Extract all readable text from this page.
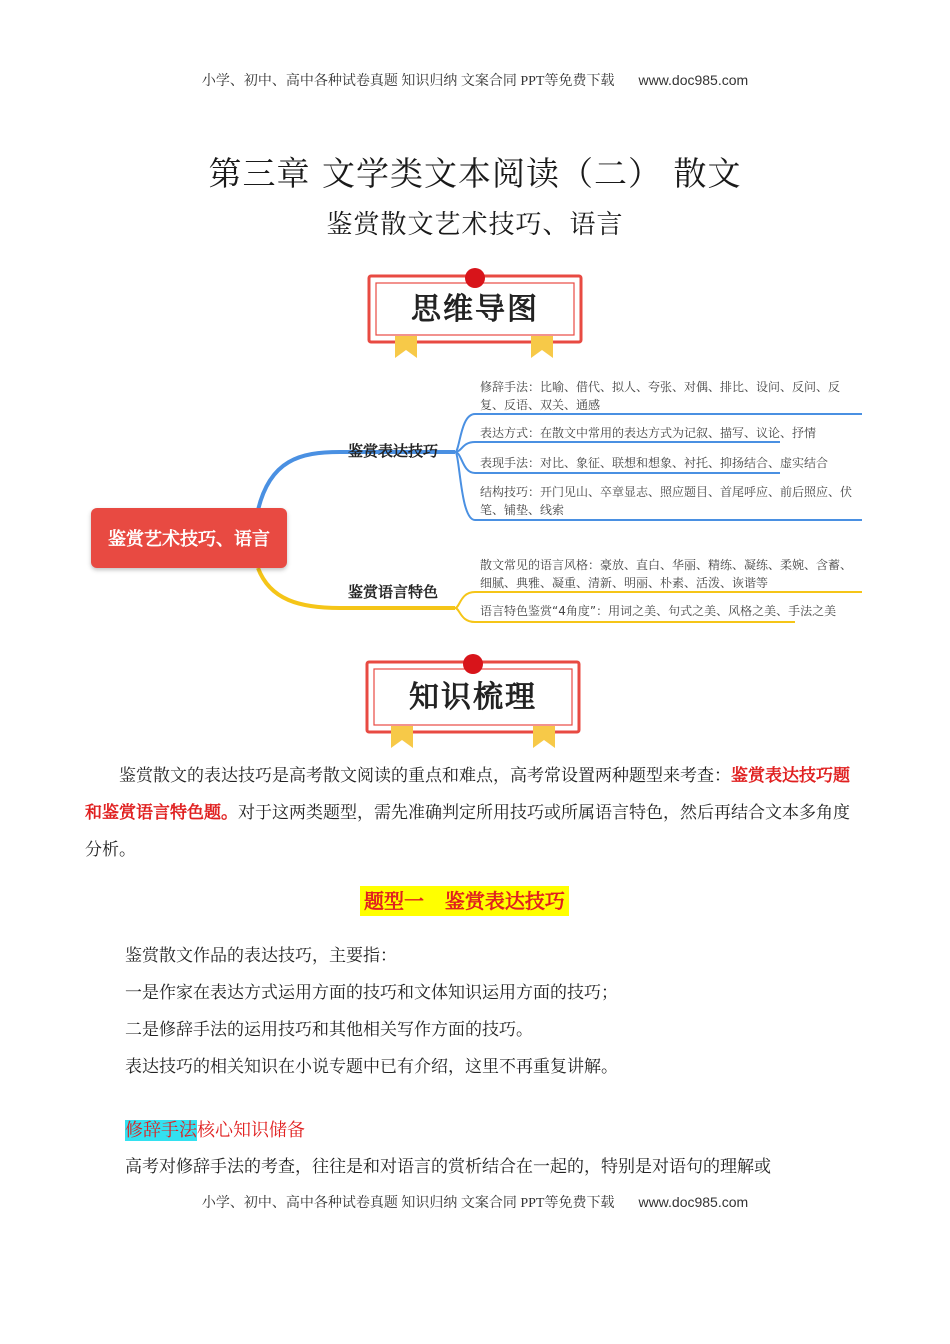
小学、初中、高中各种试卷真题 知识归纳 文案合同 PPT等免费下载 www.doc985.com
第三章 文学类文本阅读（二） 散文
鉴赏散文艺术技巧、语言
思维导图
鉴赏艺术技巧、语言
鉴赏表达技巧
鉴赏语言特色
修辞手法：比喻、借代、拟人、夸张、对偶、排比、设问、反问、反复、反语、双关、通感
表达方式：在散文中常用的表达方式为记叙、描写、议论、抒情
表现手法：对比、象征、联想和想象、衬托、抑扬结合、虚实结合
结构技巧：开门见山、卒章显志、照应题目、首尾呼应、前后照应、伏笔、铺垫、线索
散文常见的语言风格：豪放、直白、华丽、精练、凝练、柔婉、含蓄、细腻、典雅、凝重、清新、明丽、朴素、活泼、诙谐等
语言特色鉴赏“4角度”：用词之美、句式之美、风格之美、手法之美
知识梳理

鉴赏散文的表达技巧是高考散文阅读的重点和难点，高考常设置两种题型来考查：鉴赏表达技巧题和鉴赏语言特色题。对于这两类题型，需先准确判定所用技巧或所属语言特色，然后再结合文本多角度分析。

题型一   鉴赏表达技巧
鉴赏散文作品的表达技巧，主要指：
一是作家在表达方式运用方面的技巧和文体知识运用方面的技巧；
二是修辞手法的运用技巧和其他相关写作方面的技巧。
表达技巧的相关知识在小说专题中已有介绍，这里不再重复讲解。
修辞手法核心知识储备
高考对修辞手法的考查，往往是和对语言的赏析结合在一起的，特别是对语句的理解或
小学、初中、高中各种试卷真题 知识归纳 文案合同 PPT等免费下载 www.doc985.com
